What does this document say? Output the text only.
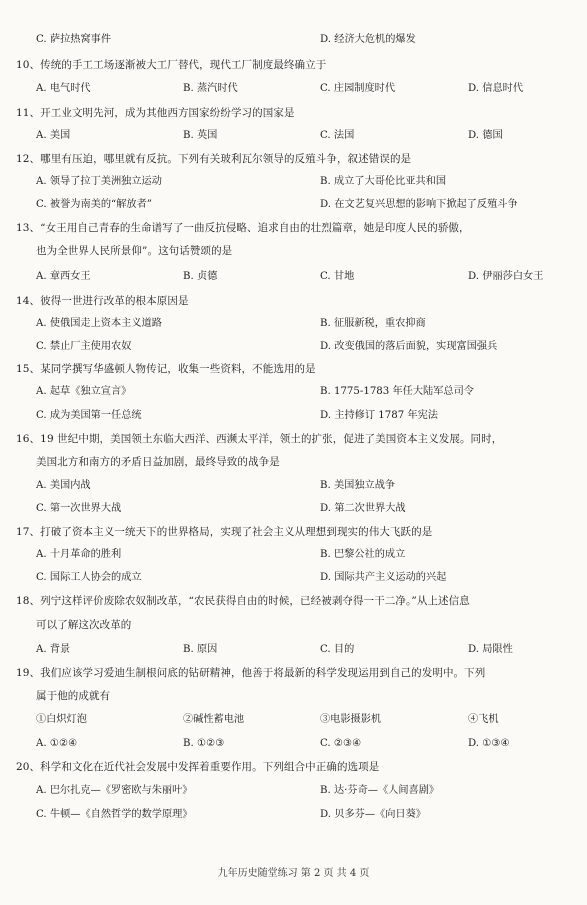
C. 萨拉热窝事件	D. 经济大危机的爆发
10、传统的手工工场逐渐被大工厂替代，现代工厂制度最终确立于
A. 电气时代	B. 蒸汽时代	C. 庄园制度时代	D. 信息时代
11、开工业文明先河，成为其他西方国家纷纷学习的国家是
A. 美国	B. 英国	C. 法国	D. 德国
12、哪里有压迫，哪里就有反抗。下列有关玻利瓦尔领导的反殖斗争，叙述错误的是
A. 领导了拉丁美洲独立运动	B. 成立了大哥伦比亚共和国
C. 被誉为南美的“解放者”	D. 在文艺复兴思想的影响下掀起了反殖斗争
13、“女王用自己青春的生命谱写了一曲反抗侵略、追求自由的壮烈篇章，她是印度人民的骄傲，
也为全世界人民所景仰”。这句话赞颂的是
A. 章西女王	B. 贞德	C. 甘地	D. 伊丽莎白女王
14、彼得一世进行改革的根本原因是
A. 使俄国走上资本主义道路	B. 征服新税，重农抑商
C. 禁止厂主使用农奴	D. 改变俄国的落后面貌，实现富国强兵
15、某同学撰写华盛顿人物传记，收集一些资料，不能选用的是
A. 起草《独立宣言》	B. 1775-1783 年任大陆军总司令
C. 成为美国第一任总统	D. 主持修订 1787 年宪法
16、19 世纪中期，美国领土东临大西洋、西濒太平洋，领土的扩张，促进了美国资本主义发展。同时，
美国北方和南方的矛盾日益加剧，最终导致的战争是
A. 美国内战	B. 美国独立战争
C. 第一次世界大战	D. 第二次世界大战
17、打破了资本主义一统天下的世界格局，实现了社会主义从理想到现实的伟大飞跃的是
A. 十月革命的胜利	B. 巴黎公社的成立
C. 国际工人协会的成立	D. 国际共产主义运动的兴起
18、列宁这样评价废除农奴制改革，“农民获得自由的时候，已经被剥夺得一干二净。”从上述信息
可以了解这次改革的
A. 背景	B. 原因	C. 目的	D. 局限性
19、我们应该学习爱迪生制根问底的钻研精神，他善于将最新的科学发现运用到自己的发明中。下列
属于他的成就有
①白炽灯泡	②碱性蓄电池	③电影摄影机	④飞机
A. ①②④	B. ①②③	C. ②③④	D. ①③④
20、科学和文化在近代社会发展中发挥着重要作用。下列组合中正确的选项是
A. 巴尔扎克—《罗密欧与朱丽叶》	B. 达·芬奇—《人间喜剧》
C. 牛顿—《自然哲学的数学原理》	D. 贝多芬—《向日葵》
九年历史随堂练习 第 2 页 共 4 页
